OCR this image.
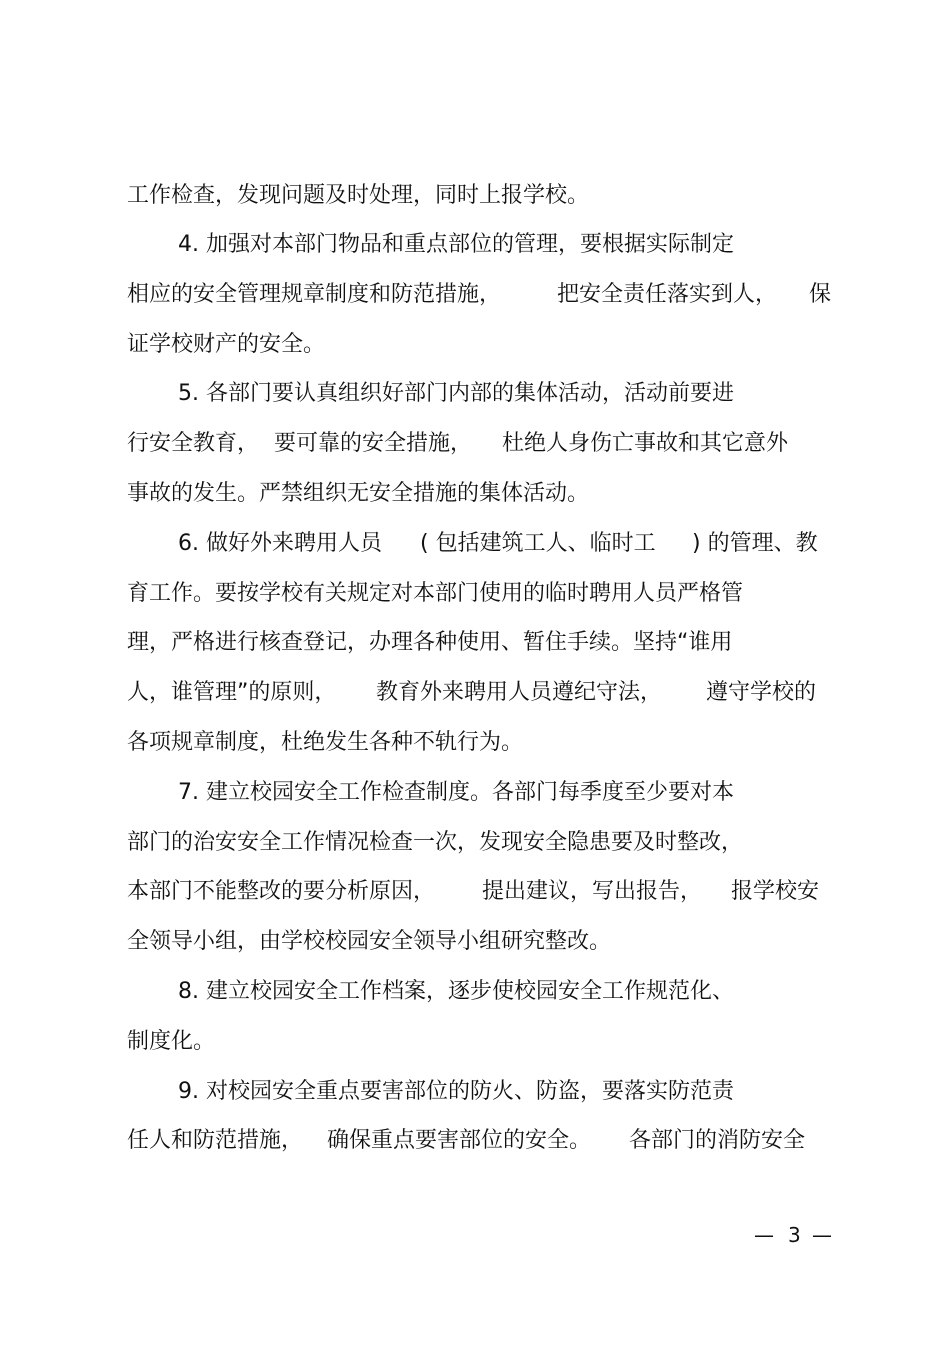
工作检查，发现问题及时处理，同时上报学校。
4. 加强对本部门物品和重点部位的管理，要根据实际制定
相应的安全管理规章制度和防范措施，	把安全责任落实到人， 保
证学校财产的安全。
5. 各部门要认真组织好部门内部的集体活动，活动前要进
行安全教育， 要可靠的安全措施， 杜绝人身伤亡事故和其它意外
事故的发生。严禁组织无安全措施的集体活动。
6. 做好外来聘用人员 ( 包括建筑工人、临时工 ) 的管理、教
育工作。要按学校有关规定对本部门使用的临时聘用人员严格管
理，严格进行核查登记，办理各种使用、暂住手续。坚持“谁用
人，谁管理”的原则， 教育外来聘用人员遵纪守法， 遵守学校的
各项规章制度，杜绝发生各种不轨行为。
7. 建立校园安全工作检查制度。各部门每季度至少要对本
部门的治安安全工作情况检查一次，发现安全隐患要及时整改，
本部门不能整改的要分析原因， 提出建议，写出报告， 报学校安
全领导小组，由学校校园安全领导小组研究整改。
8. 建立校园安全工作档案，逐步使校园安全工作规范化、
制度化。
9. 对校园安全重点要害部位的防火、防盗，要落实防范责
任人和防范措施， 确保重点要害部位的安全。 各部门的消防安全
— 3 —
